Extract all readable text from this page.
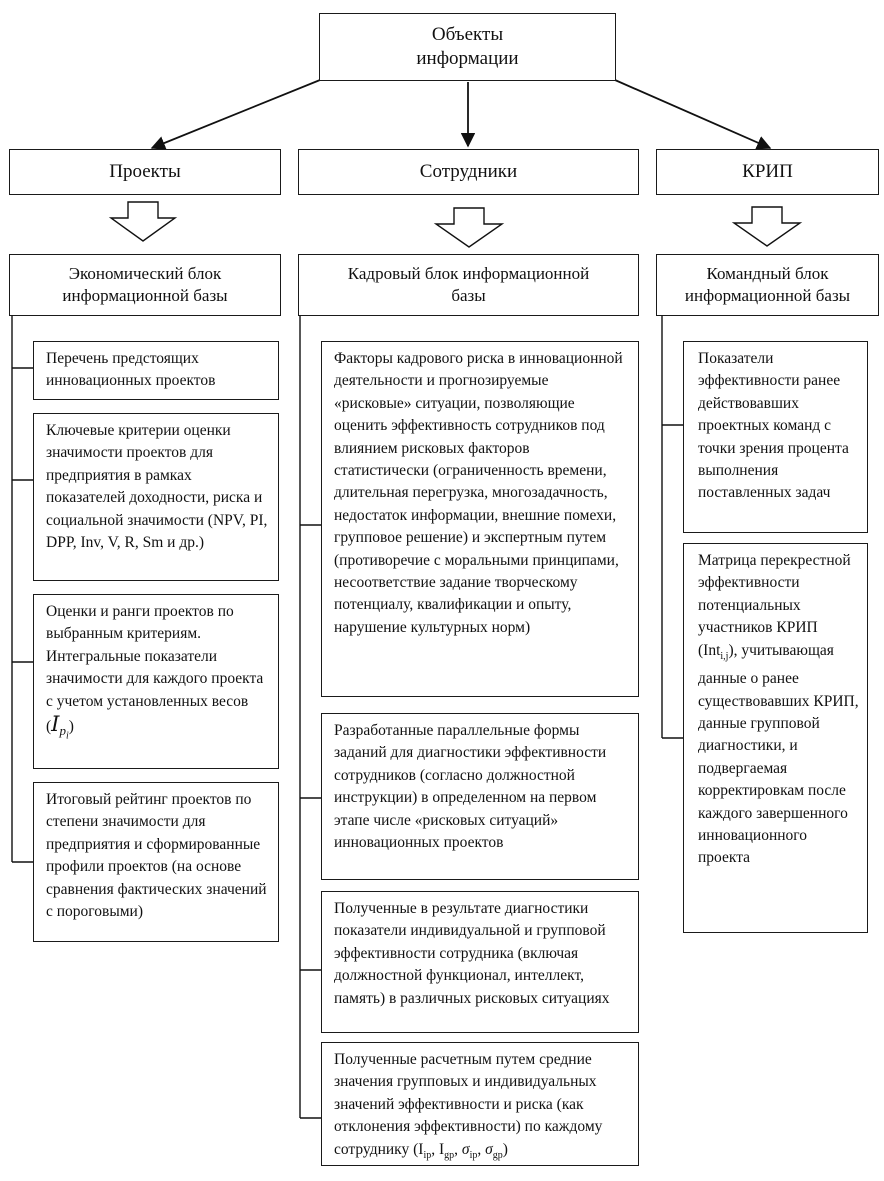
Объекты
информации
Проекты	Сотрудники	КРИП
Экономический блок
информационной базы
Кадровый блок информационной
базы
Командный блок
информационной базы
Перечень предстоящих инновационных проектов
Ключевые критерии оценки значимости проектов для предприятия в рамках показателей доходности, риска и социальной значимости (NPV, PI, DPP, Inv, V, R, Sm и др.)
Оценки и ранги проектов по выбранным критериям. Интегральные показатели значимости для каждого проекта с учетом установленных весов $(I_{p_i})$
Итоговый рейтинг проектов по степени значимости для предприятия и сформированные профили проектов (на основе сравнения фактических значений с пороговыми)
Факторы кадрового риска в инновационной деятельности и прогнозируемые «рисковые» ситуации, позволяющие оценить эффективность сотрудников под влиянием рисковых факторов статистически (ограниченность времени, длительная перегрузка, многозадачность, недостаток информации, внешние помехи, групповое решение) и экспертным путем (противоречие с моральными принципами, несоответствие задание творческому потенциалу, квалификации и опыту, нарушение культурных норм)
Разработанные параллельные формы заданий для диагностики эффективности сотрудников (согласно должностной инструкции) в определенном на первом этапе числе «рисковых ситуаций» инновационных проектов
Полученные в результате диагностики показатели индивидуальной и групповой эффективности сотрудника (включая должностной функционал, интеллект, память) в различных рисковых ситуациях
Полученные расчетным путем средние значения групповых и индивидуальных значений эффективности и риска (как отклонения эффективности) по каждому сотруднику ($I_{ip}$, $I_{gp}$, $\sigma_{ip}$, $\sigma_{gp}$)
Показатели эффективности ранее действовавших проектных команд с точки зрения процента выполнения поставленных задач
Матрица перекрестной эффективности потенциальных участников КРИП (Int$_{i,j}$), учитывающая данные о ранее существовавших КРИП, данные групповой диагностики, и подвергаемая корректировкам после каждого завершенного инновационного проекта
